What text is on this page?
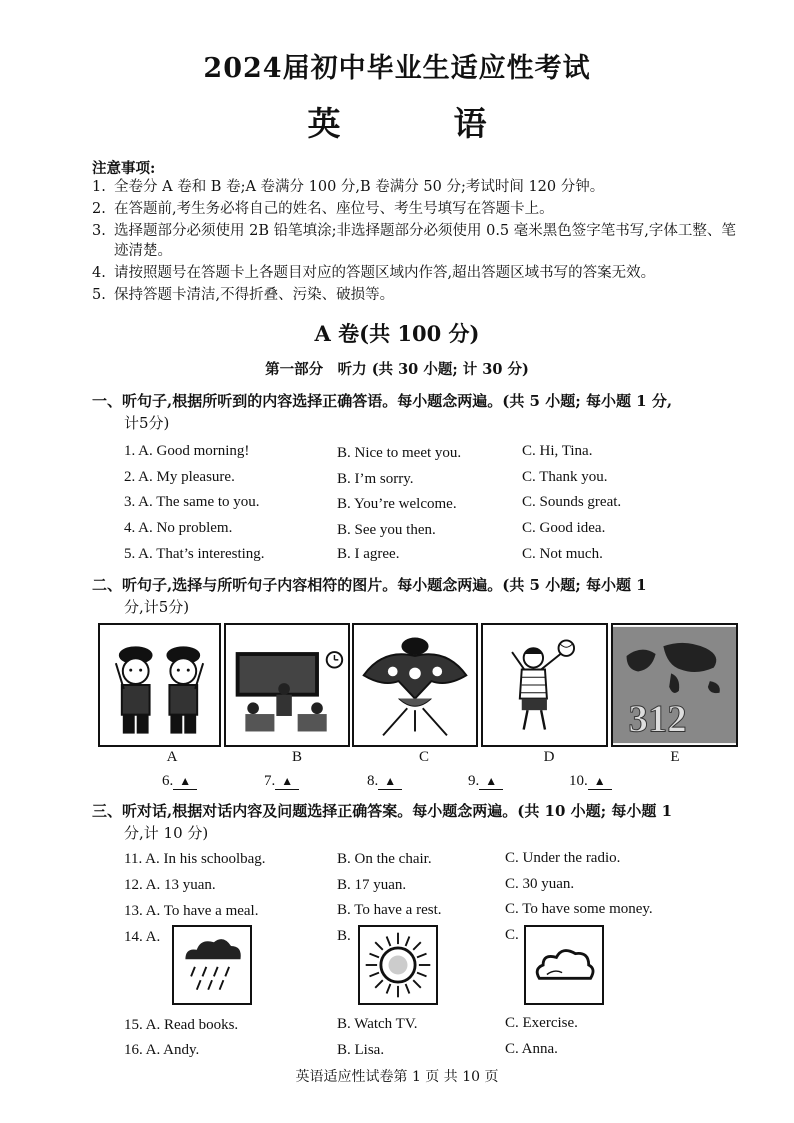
2024届初中毕业生适应性考试
英　语
注意事项:
1. 全卷分 A 卷和 B 卷;A 卷满分 100 分,B 卷满分 50 分;考试时间 120 分钟。
2. 在答题前,考生务必将自己的姓名、座位号、考生号填写在答题卡上。
3. 选择题部分必须使用 2B 铅笔填涂;非选择题部分必须使用 0.5 毫米黑色签字笔书写,字体工整、笔迹清楚。
4. 请按照题号在答题卡上各题目对应的答题区域内作答,超出答题区域书写的答案无效。
5. 保持答题卡清洁,不得折叠、污染、破损等。
A 卷(共 100 分)
第一部分　听力 (共 30 小题; 计 30 分)
一、听句子,根据所听到的内容选择正确答语。每小题念两遍。(共 5 小题; 每小题 1 分,
计5分)
1. A. Good morning!	B. Nice to meet you.	C. Hi, Tina.
2. A. My pleasure.	B. I’m sorry.	C. Thank you.
3. A. The same to you.	B. You’re welcome.	C. Sounds great.
4. A. No problem.	B. See you then.	C. Good idea.
5. A. That’s interesting.	B. I agree.	C. Not much.
二、听句子,选择与所听句子内容相符的图片。每小题念两遍。(共 5 小题; 每小题 1
分,计5分)
312
A	B	C	D	E
6. ▲	7. ▲	8. ▲	9. ▲	10. ▲
三、听对话,根据对话内容及问题选择正确答案。每小题念两遍。(共 10 小题; 每小题 1
分,计 10 分)
11. A. In his schoolbag.	B. On the chair.	C. Under the radio.
12. A. 13 yuan.	B. 17 yuan.	C. 30 yuan.
13. A. To have a meal.	B. To have a rest.	C. To have some money.
14. A.	B.	C.
15. A. Read books.	B. Watch TV.	C. Exercise.
16. A. Andy.	B. Lisa.	C. Anna.
英语适应性试卷第 1 页 共 10 页
